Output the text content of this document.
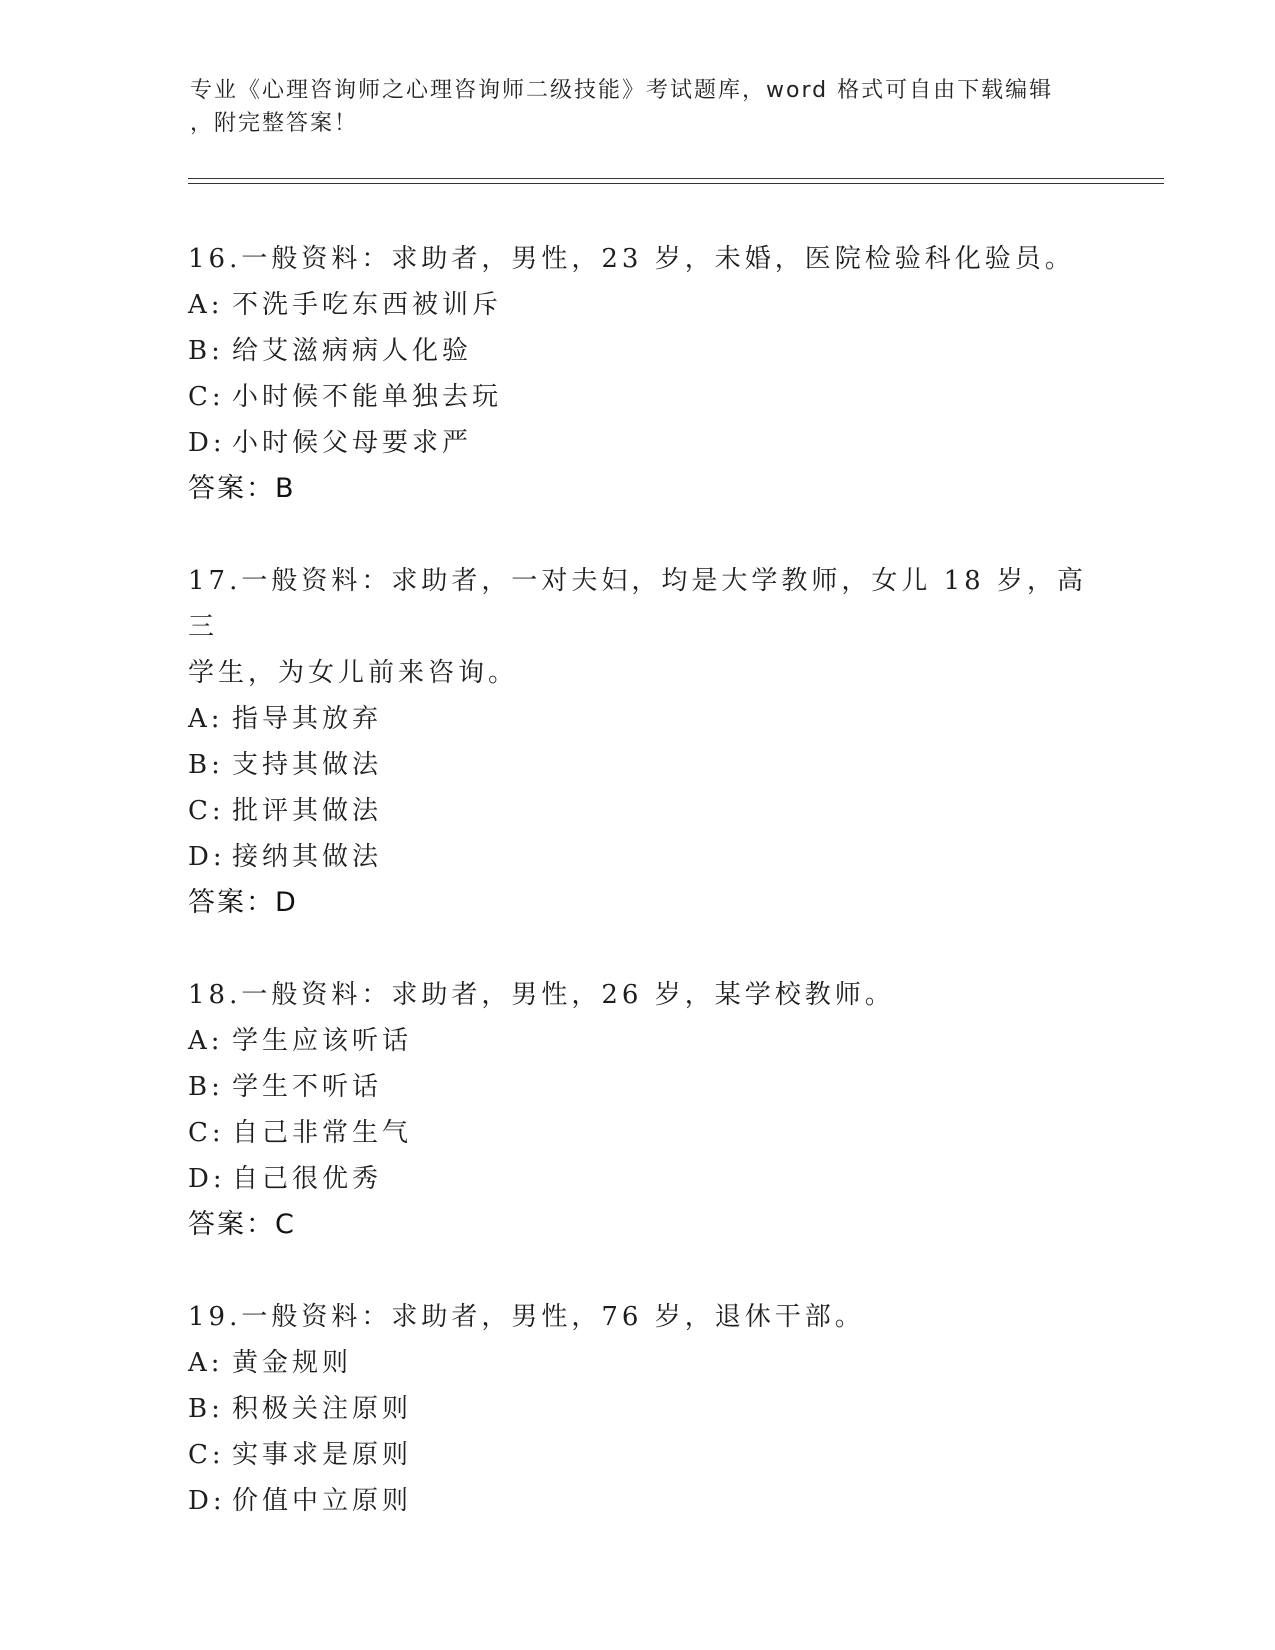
专业《心理咨询师之心理咨询师二级技能》考试题库，word 格式可自由下载编辑
，附完整答案！
16.一般资料：求助者，男性，23 岁，未婚，医院检验科化验员。
A: 不洗手吃东西被训斥
B: 给艾滋病病人化验
C: 小时候不能单独去玩
D: 小时候父母要求严
答案：B
17.一般资料：求助者，一对夫妇，均是大学教师，女儿 18 岁，高三
学生，为女儿前来咨询。
A: 指导其放弃
B: 支持其做法
C: 批评其做法
D: 接纳其做法
答案：D
18.一般资料：求助者，男性，26 岁，某学校教师。
A: 学生应该听话
B: 学生不听话
C: 自己非常生气
D: 自己很优秀
答案：C
19.一般资料：求助者，男性，76 岁，退休干部。
A: 黄金规则
B: 积极关注原则
C: 实事求是原则
D: 价值中立原则
